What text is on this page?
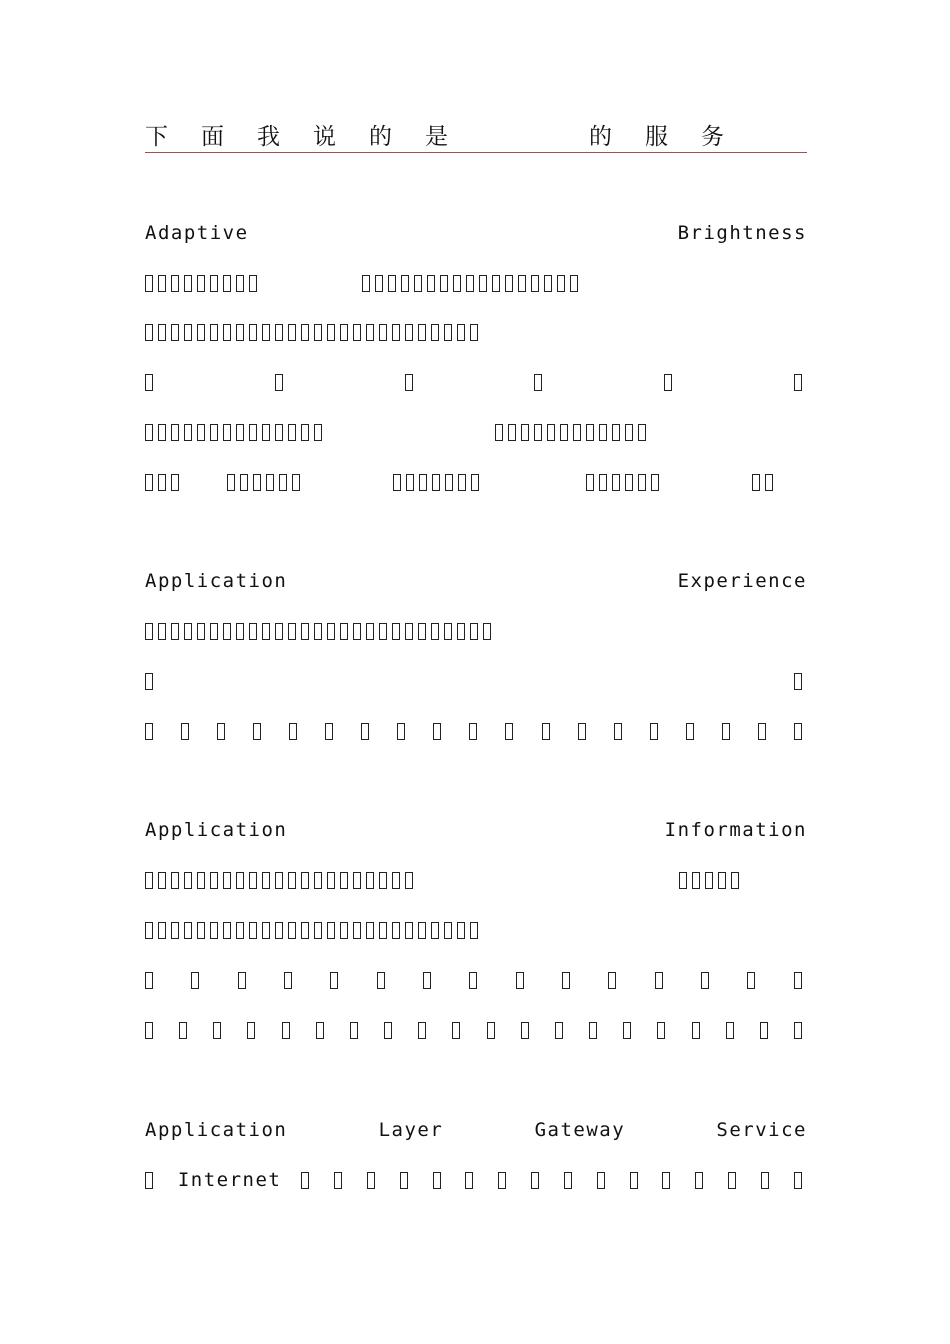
下 面 我 说 的 是	的 服 务
Adaptive	Brightness
Application	Experience
Application	Information
Application	Layer	Gateway	Service
Internet
